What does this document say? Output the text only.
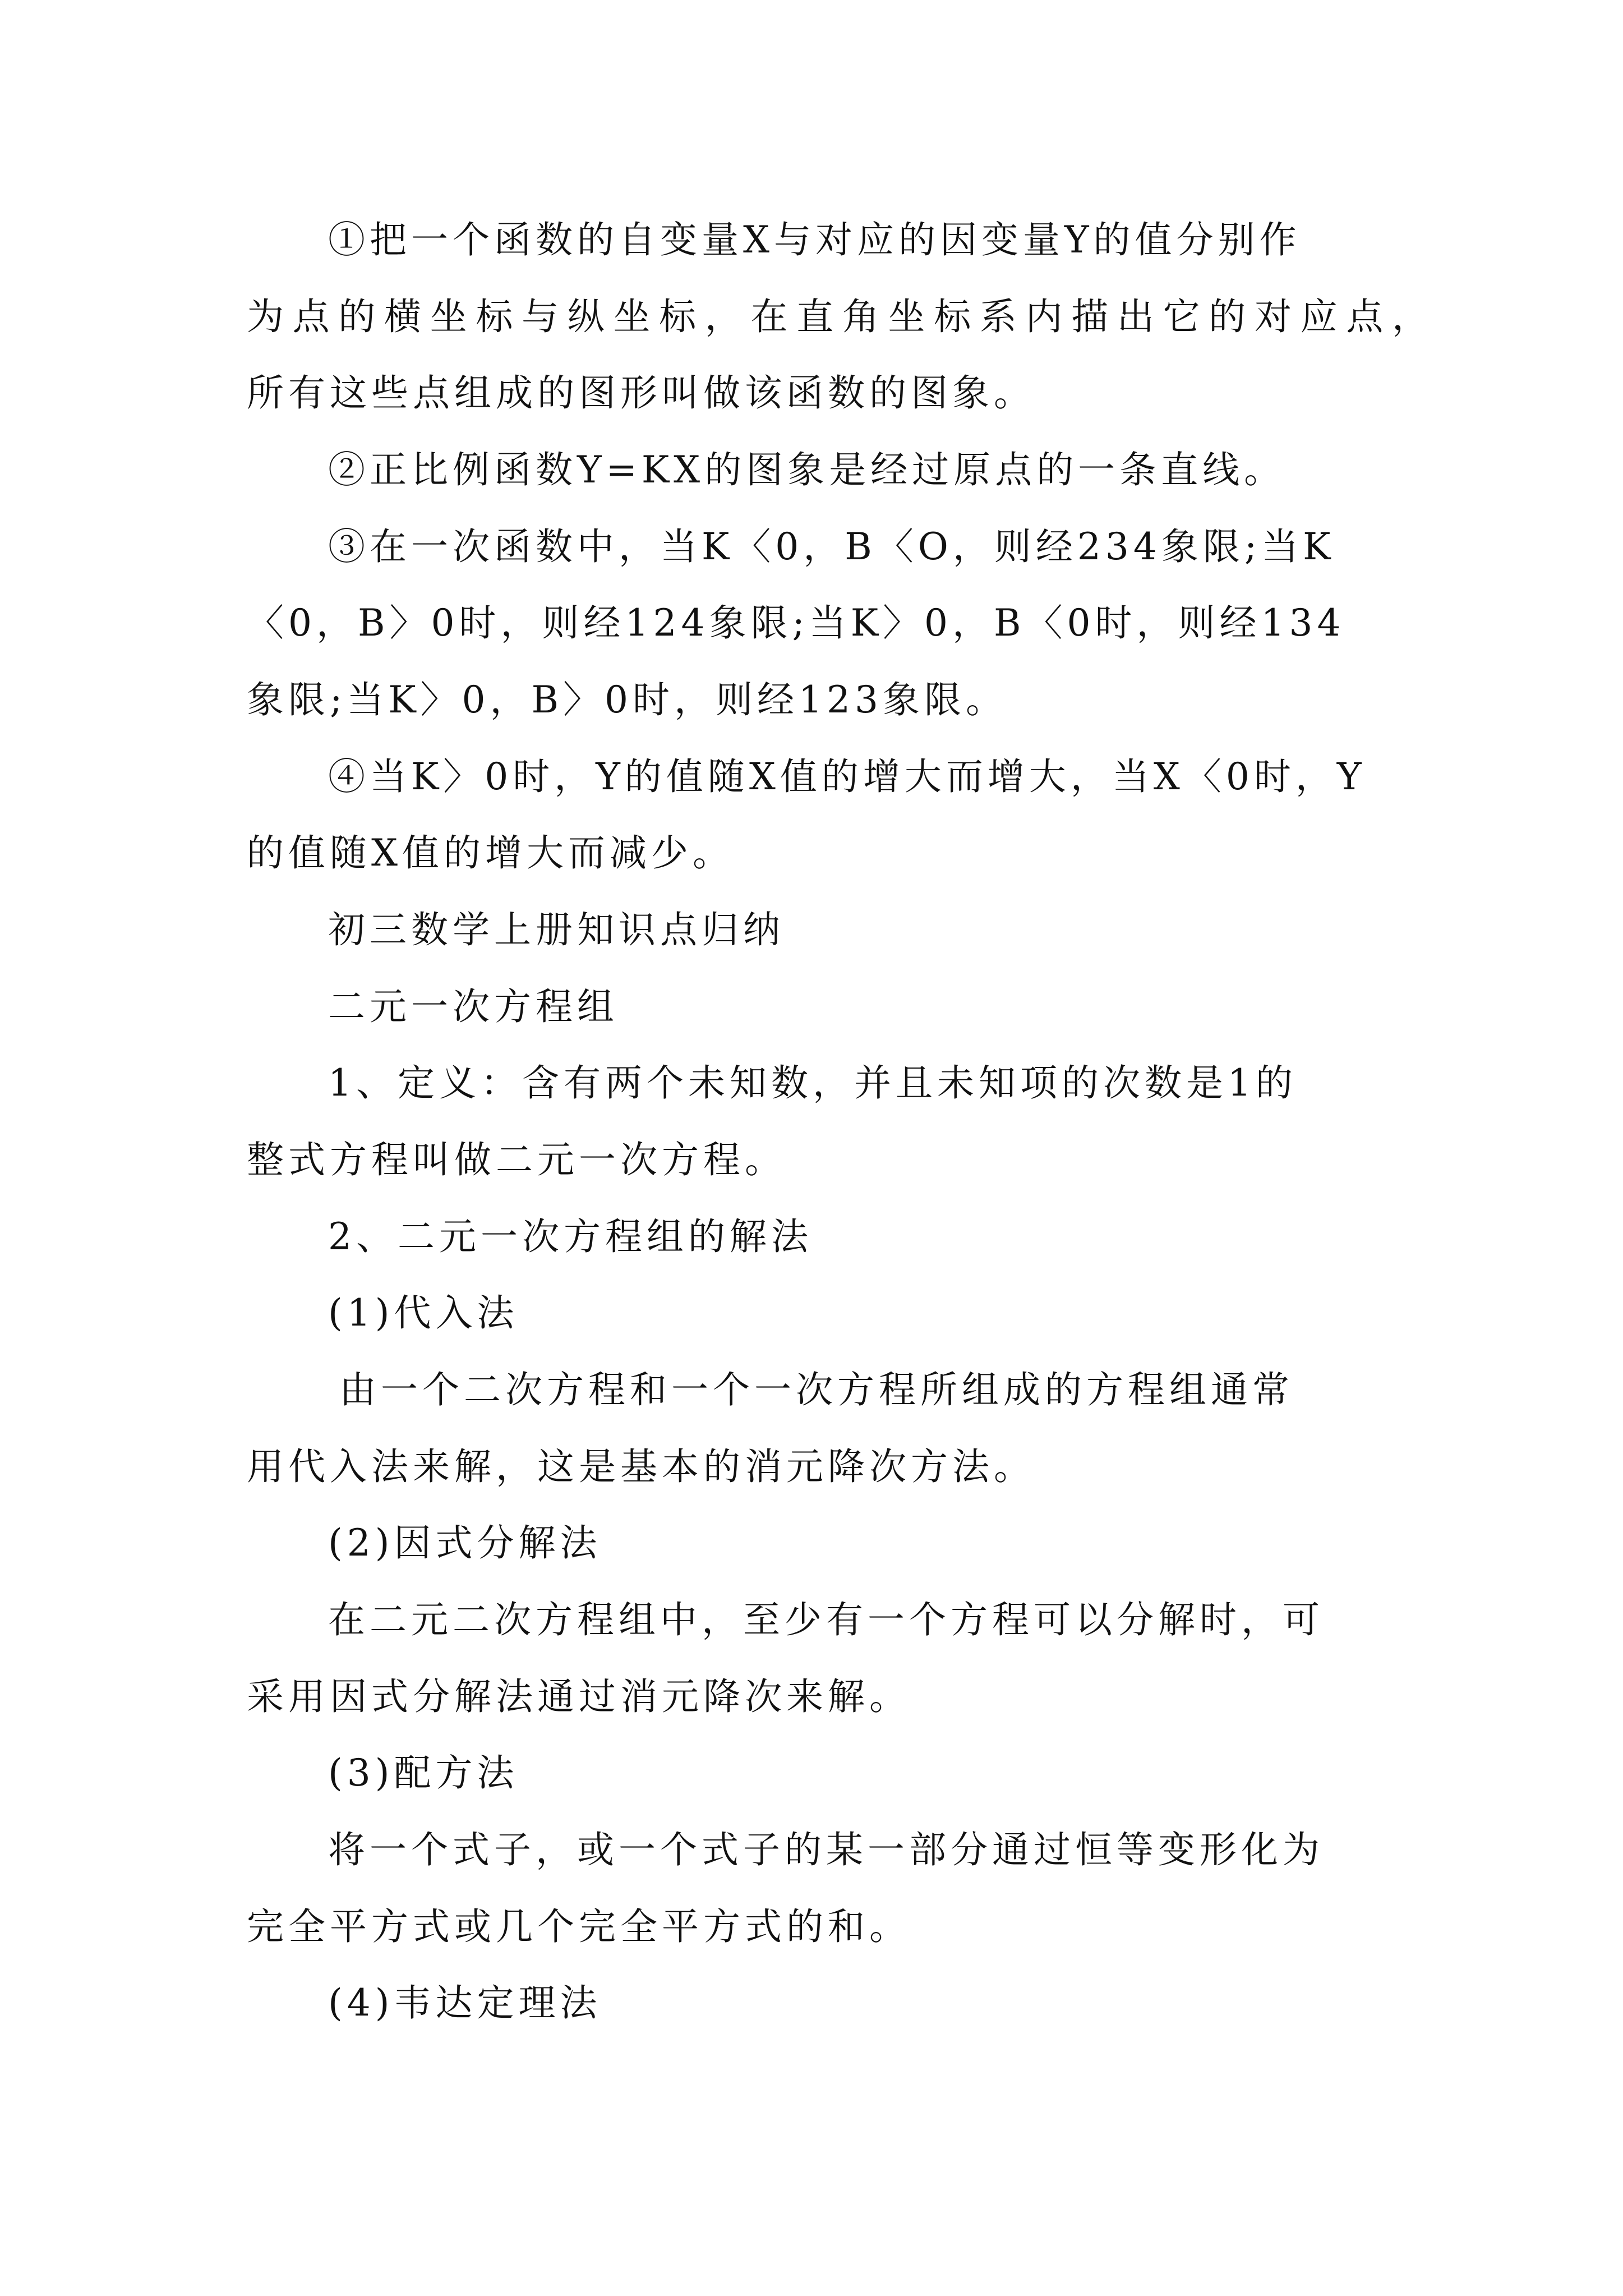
①把一个函数的自变量X与对应的因变量Y的值分别作

为点的横坐标与纵坐标，在直角坐标系内描出它的对应点，

所有这些点组成的图形叫做该函数的图象。

②正比例函数Y=KX的图象是经过原点的一条直线。

③在一次函数中，当K〈0，B〈O，则经234象限;当K

〈0，B〉0时，则经124象限;当K〉0，B〈0时，则经134

象限;当K〉0，B〉0时，则经123象限。

④当K〉0时，Y的值随X值的增大而增大，当X〈0时，Y

的值随X值的增大而减少。

初三数学上册知识点归纳

二元一次方程组

1、定义：含有两个未知数，并且未知项的次数是1的

整式方程叫做二元一次方程。

2、二元一次方程组的解法

(1)代入法

由一个二次方程和一个一次方程所组成的方程组通常

用代入法来解，这是基本的消元降次方法。

(2)因式分解法

在二元二次方程组中，至少有一个方程可以分解时，可

采用因式分解法通过消元降次来解。

(3)配方法

将一个式子，或一个式子的某一部分通过恒等变形化为

完全平方式或几个完全平方式的和。

(4)韦达定理法
